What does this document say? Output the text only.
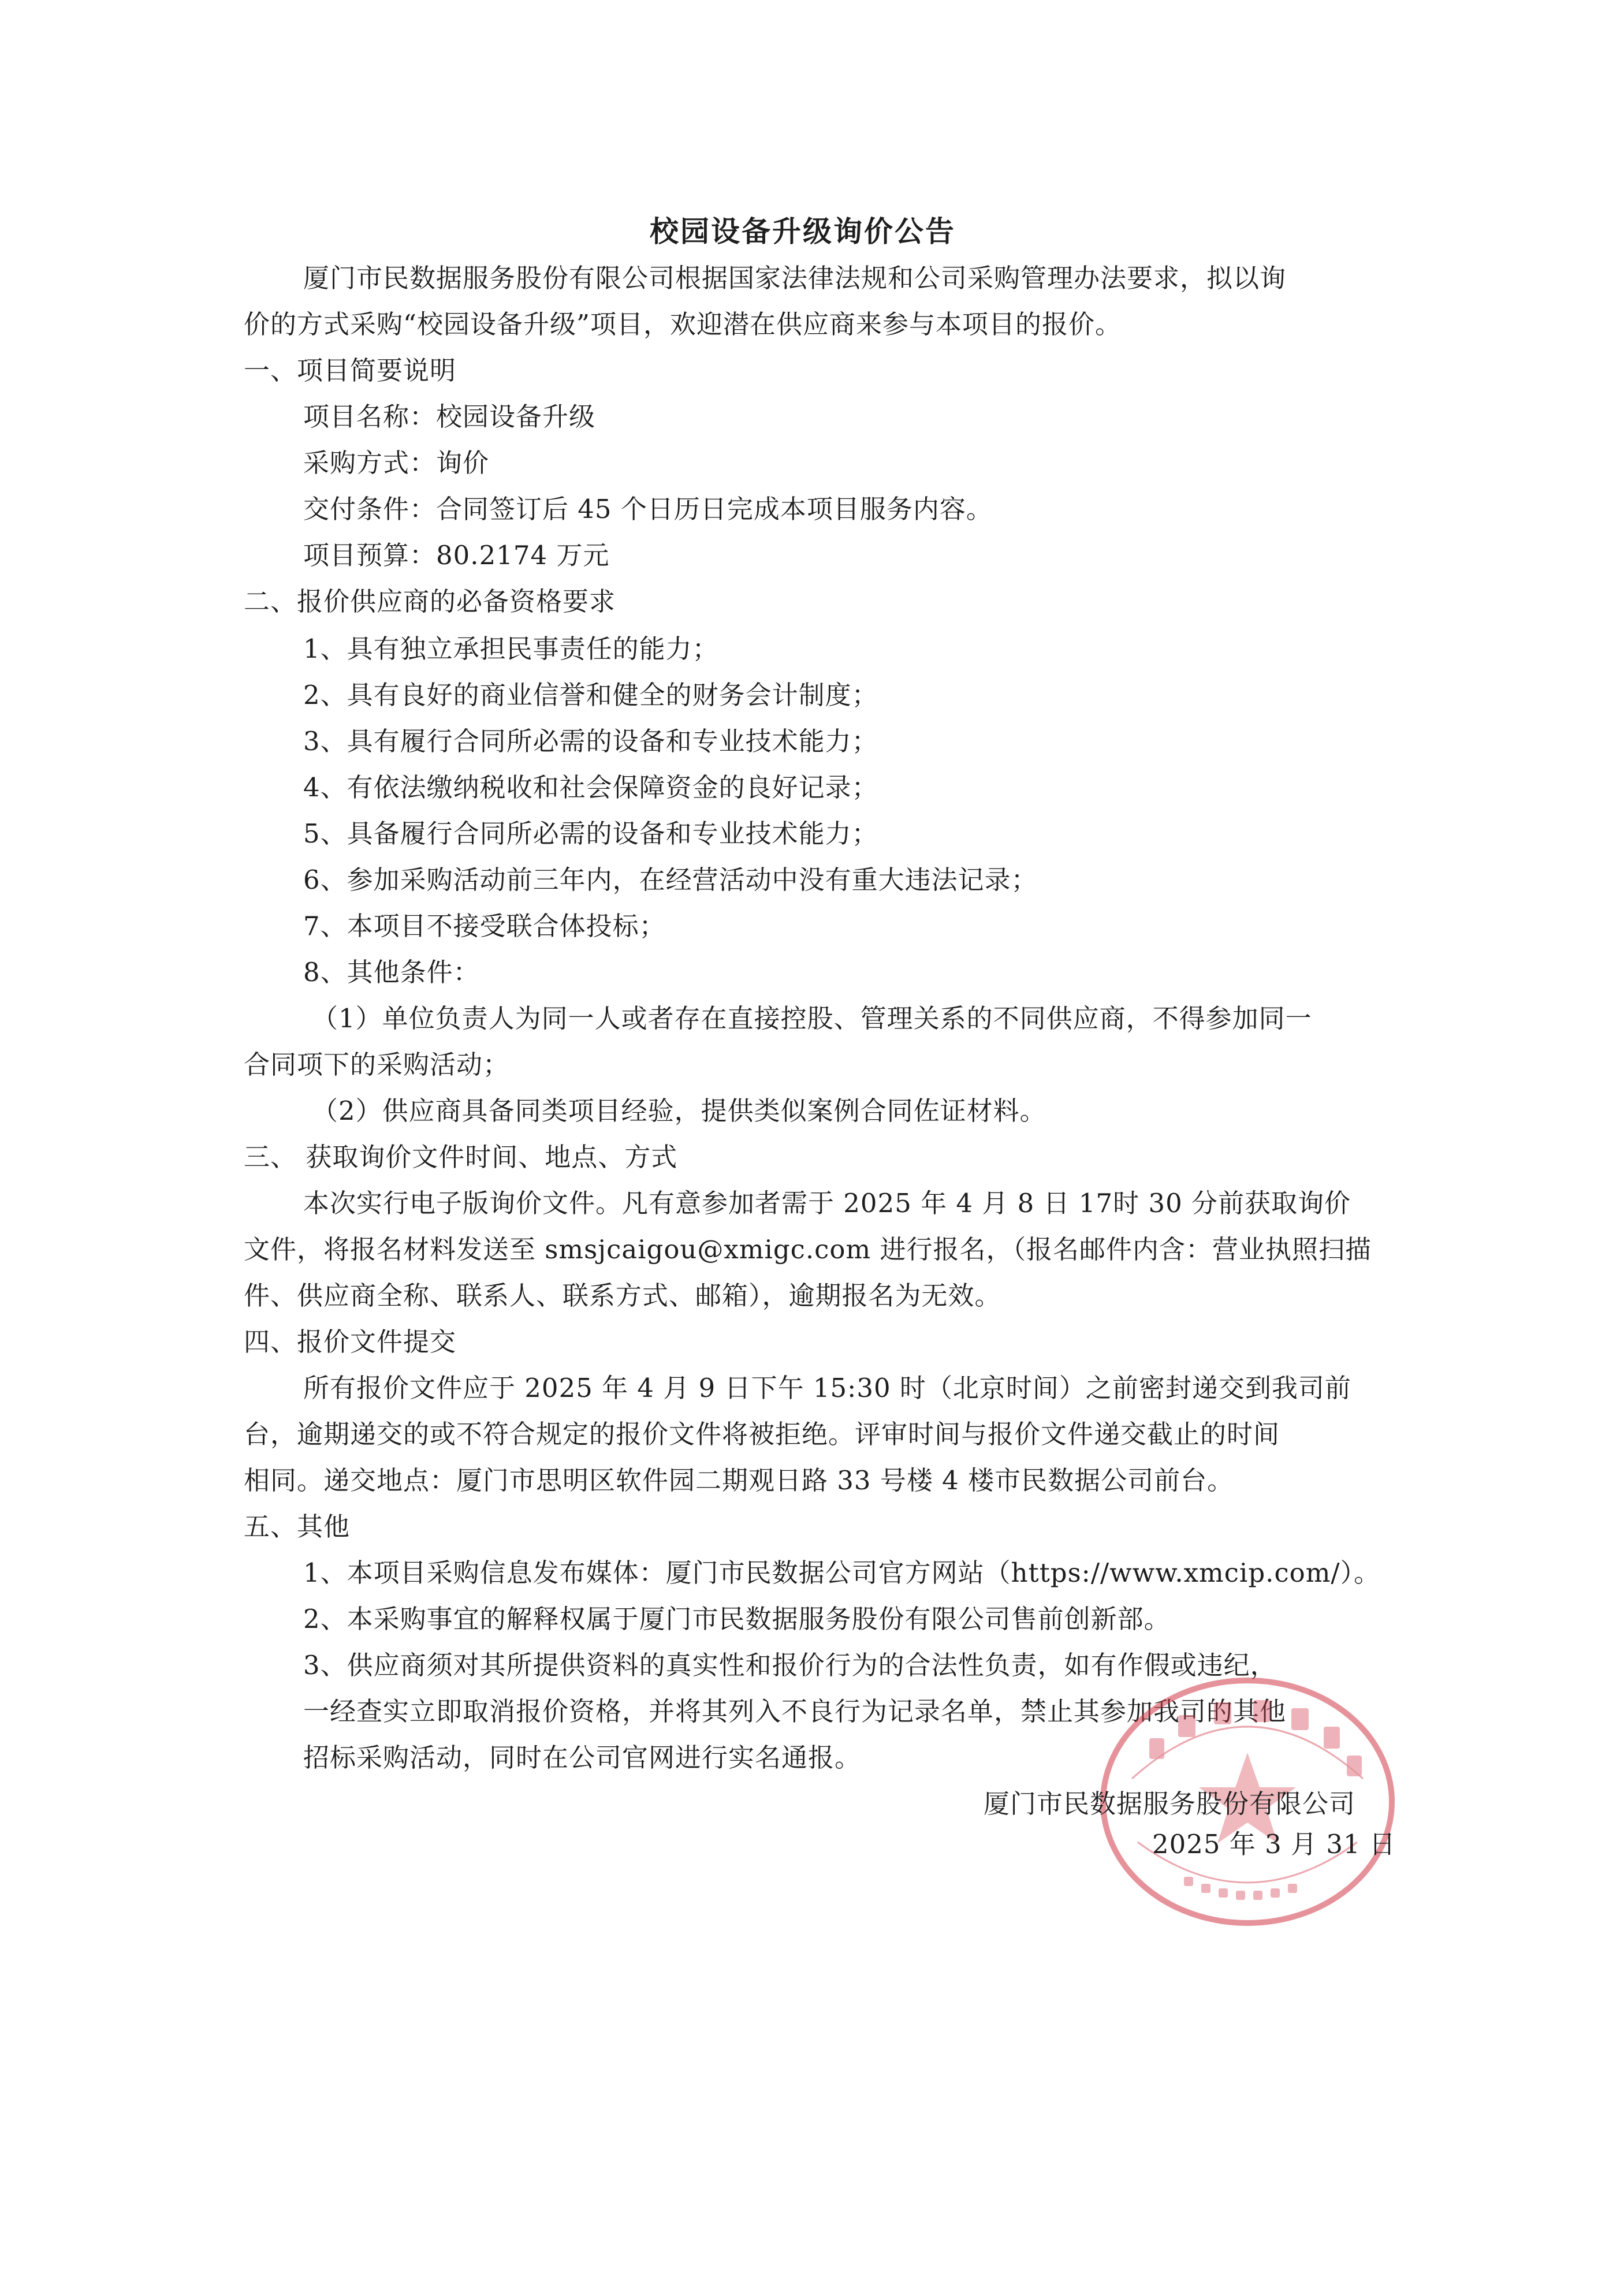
校园设备升级询价公告
厦门市民数据服务股份有限公司根据国家法律法规和公司采购管理办法要求，拟以询
价的方式采购“校园设备升级”项目，欢迎潜在供应商来参与本项目的报价。
一、项目简要说明
项目名称：校园设备升级
采购方式：询价
交付条件：合同签订后 45 个日历日完成本项目服务内容。
项目预算：80.2174 万元
二、报价供应商的必备资格要求
1、具有独立承担民事责任的能力；
2、具有良好的商业信誉和健全的财务会计制度；
3、具有履行合同所必需的设备和专业技术能力；
4、有依法缴纳税收和社会保障资金的良好记录；
5、具备履行合同所必需的设备和专业技术能力；
6、参加采购活动前三年内，在经营活动中没有重大违法记录；
7、本项目不接受联合体投标；
8、其他条件：
（1）单位负责人为同一人或者存在直接控股、管理关系的不同供应商，不得参加同一
合同项下的采购活动；
（2）供应商具备同类项目经验，提供类似案例合同佐证材料。
三、 获取询价文件时间、地点、方式
本次实行电子版询价文件。凡有意参加者需于 2025 年 4 月 8 日 17时 30 分前获取询价
文件，将报名材料发送至 smsjcaigou@xmigc.com 进行报名，（报名邮件内含：营业执照扫描
件、供应商全称、联系人、联系方式、邮箱），逾期报名为无效。
四、报价文件提交
所有报价文件应于 2025 年 4 月 9 日下午 15:30 时（北京时间）之前密封递交到我司前
台，逾期递交的或不符合规定的报价文件将被拒绝。评审时间与报价文件递交截止的时间
相同。递交地点：厦门市思明区软件园二期观日路 33 号楼 4 楼市民数据公司前台。
五、其他
1、本项目采购信息发布媒体：厦门市民数据公司官方网站（https://www.xmcip.com/）。
2、本采购事宜的解释权属于厦门市民数据服务股份有限公司售前创新部。
3、供应商须对其所提供资料的真实性和报价行为的合法性负责，如有作假或违纪，
一经查实立即取消报价资格，并将其列入不良行为记录名单，禁止其参加我司的其他
招标采购活动，同时在公司官网进行实名通报。
厦门市民数据服务股份有限公司
2025 年 3 月 31 日
